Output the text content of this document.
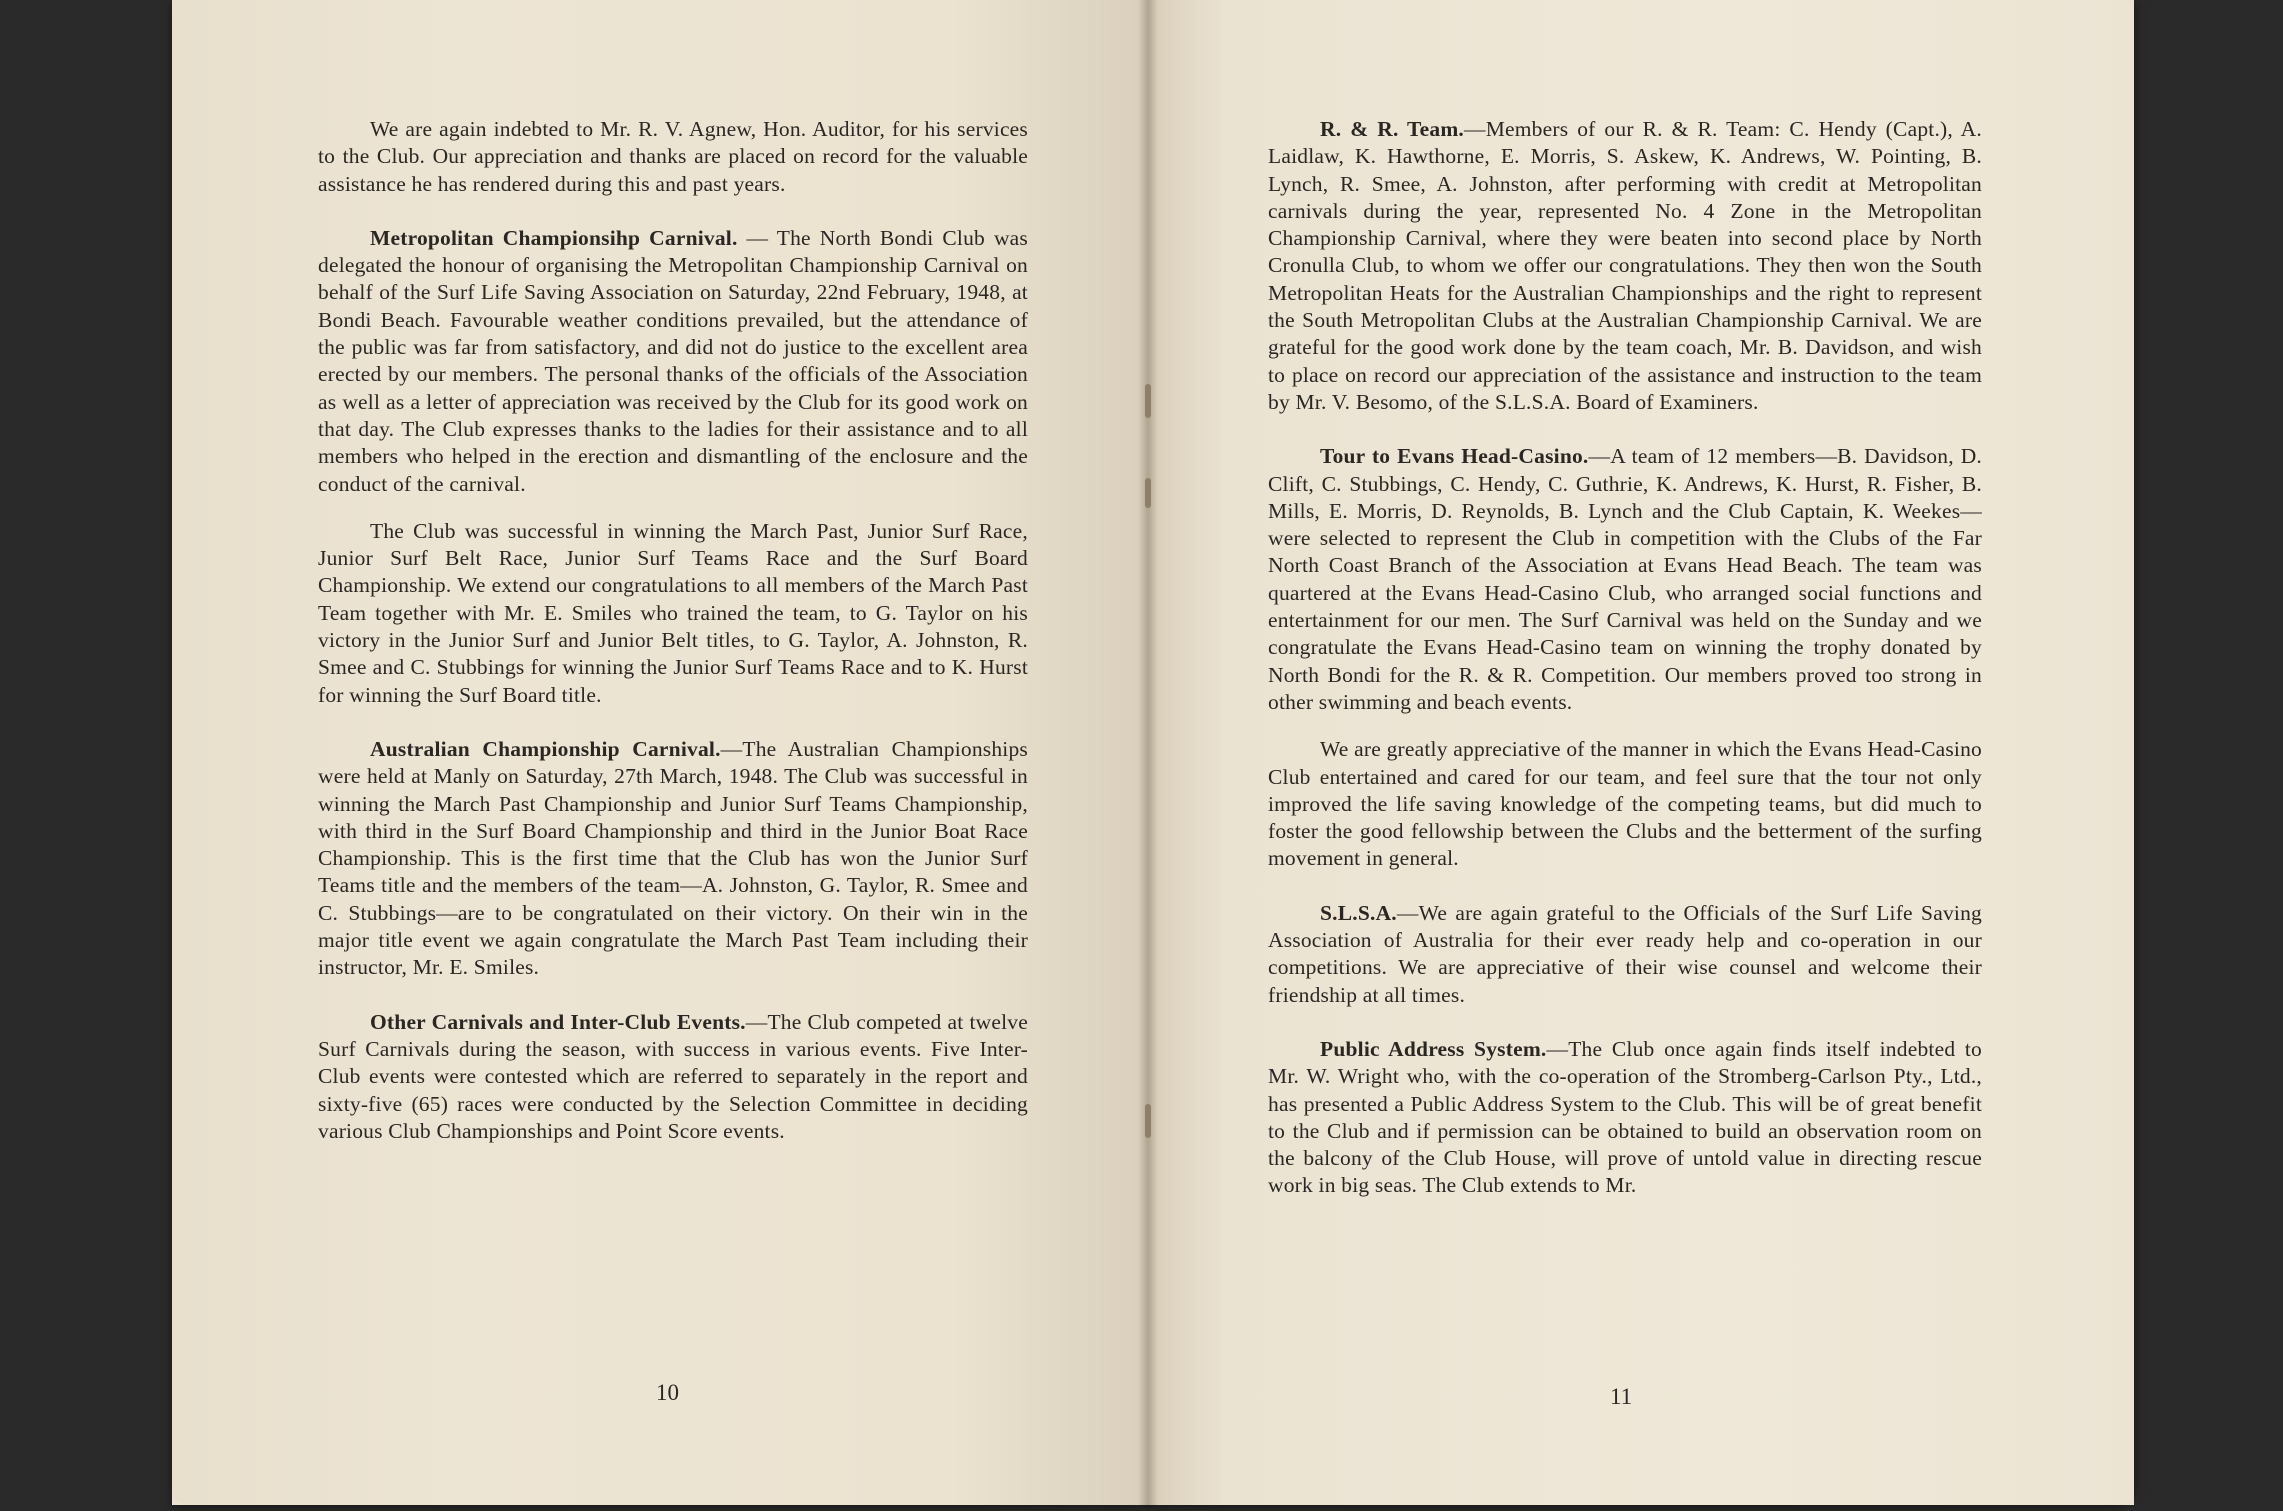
We are again indebted to Mr. R. V. Agnew, Hon. Auditor, for his services to the Club. Our appreciation and thanks are placed on record for the valuable assistance he has rendered during this and past years.

Metropolitan Championsihp Carnival. — The North Bondi Club was delegated the honour of organising the Metropolitan Championship Carnival on behalf of the Surf Life Saving Association on Saturday, 22nd February, 1948, at Bondi Beach. Favourable weather conditions prevailed, but the attendance of the public was far from satisfactory, and did not do justice to the excellent area erected by our members. The personal thanks of the officials of the Association as well as a letter of appreciation was received by the Club for its good work on that day. The Club expresses thanks to the ladies for their assistance and to all members who helped in the erection and dismantling of the enclosure and the conduct of the carnival.

The Club was successful in winning the March Past, Junior Surf Race, Junior Surf Belt Race, Junior Surf Teams Race and the Surf Board Championship. We extend our congratulations to all members of the March Past Team together with Mr. E. Smiles who trained the team, to G. Taylor on his victory in the Junior Surf and Junior Belt titles, to G. Taylor, A. Johnston, R. Smee and C. Stubbings for winning the Junior Surf Teams Race and to K. Hurst for winning the Surf Board title.

Australian Championship Carnival.—The Australian Championships were held at Manly on Saturday, 27th March, 1948. The Club was successful in winning the March Past Championship and Junior Surf Teams Championship, with third in the Surf Board Championship and third in the Junior Boat Race Championship. This is the first time that the Club has won the Junior Surf Teams title and the members of the team—A. Johnston, G. Taylor, R. Smee and C. Stubbings—are to be congratulated on their victory. On their win in the major title event we again congratulate the March Past Team including their instructor, Mr. E. Smiles.

Other Carnivals and Inter-Club Events.—The Club competed at twelve Surf Carnivals during the season, with success in various events. Five Inter-Club events were contested which are referred to separately in the report and sixty-five (65) races were conducted by the Selection Committee in deciding various Club Championships and Point Score events.

10

R. & R. Team.—Members of our R. & R. Team: C. Hendy (Capt.), A. Laidlaw, K. Hawthorne, E. Morris, S. Askew, K. Andrews, W. Pointing, B. Lynch, R. Smee, A. Johnston, after performing with credit at Metropolitan carnivals during the year, represented No. 4 Zone in the Metropolitan Championship Carnival, where they were beaten into second place by North Cronulla Club, to whom we offer our congratulations. They then won the South Metropolitan Heats for the Australian Championships and the right to represent the South Metropolitan Clubs at the Australian Championship Carnival. We are grateful for the good work done by the team coach, Mr. B. Davidson, and wish to place on record our appreciation of the assistance and instruction to the team by Mr. V. Besomo, of the S.L.S.A. Board of Examiners.

Tour to Evans Head-Casino.—A team of 12 members—B. Davidson, D. Clift, C. Stubbings, C. Hendy, C. Guthrie, K. Andrews, K. Hurst, R. Fisher, B. Mills, E. Morris, D. Reynolds, B. Lynch and the Club Captain, K. Weekes—were selected to represent the Club in competition with the Clubs of the Far North Coast Branch of the Association at Evans Head Beach. The team was quartered at the Evans Head-Casino Club, who arranged social functions and entertainment for our men. The Surf Carnival was held on the Sunday and we congratulate the Evans Head-Casino team on winning the trophy donated by North Bondi for the R. & R. Competition. Our members proved too strong in other swimming and beach events.

We are greatly appreciative of the manner in which the Evans Head-Casino Club entertained and cared for our team, and feel sure that the tour not only improved the life saving knowledge of the competing teams, but did much to foster the good fellowship between the Clubs and the betterment of the surfing movement in general.

S.L.S.A.—We are again grateful to the Officials of the Surf Life Saving Association of Australia for their ever ready help and co-operation in our competitions. We are appreciative of their wise counsel and welcome their friendship at all times.

Public Address System.—The Club once again finds itself indebted to Mr. W. Wright who, with the co-operation of the Stromberg-Carlson Pty., Ltd., has presented a Public Address System to the Club. This will be of great benefit to the Club and if permission can be obtained to build an observation room on the balcony of the Club House, will prove of untold value in directing rescue work in big seas. The Club extends to Mr.

11
